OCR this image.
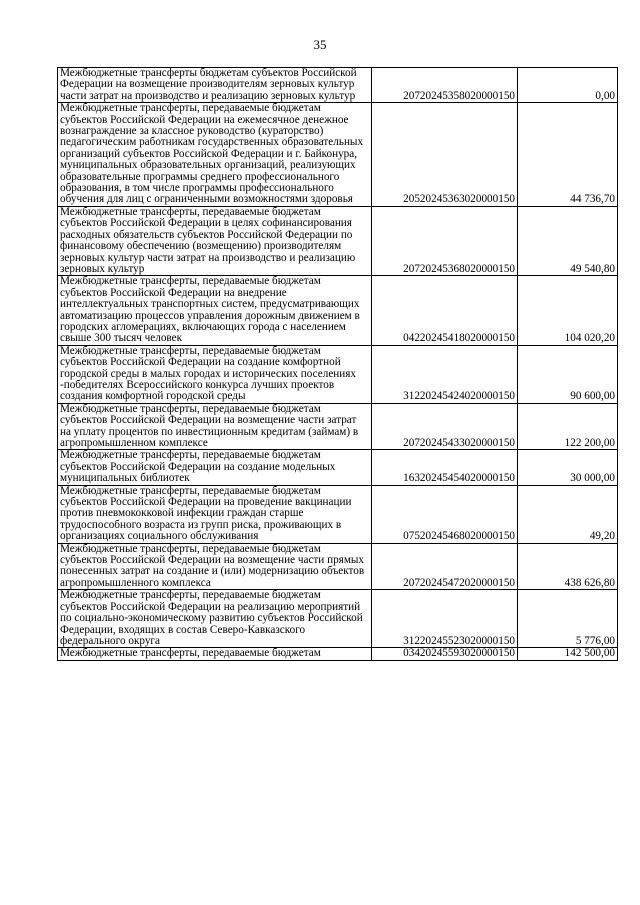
35
Межбюджетные трансферты бюджетам субъектов Российской Федерации на возмещение производителям зерновых культур части затрат на производство и реализацию зерновых культур	20720245358020000150	0,00
Межбюджетные трансферты, передаваемые бюджетам субъектов Российской Федерации на ежемесячное денежное вознаграждение за классное руководство (кураторство) педагогическим работникам государственных образовательных организаций субъектов Российской Федерации и г. Байконура, муниципальных образовательных организаций, реализующих образовательные программы среднего профессионального образования, в том числе программы профессионального обучения для лиц с ограниченными возможностями здоровья	20520245363020000150	44 736,70
Межбюджетные трансферты, передаваемые бюджетам субъектов Российской Федерации в целях софинансирования расходных обязательств субъектов Российской Федерации по финансовому обеспечению (возмещению) производителям зерновых культур части затрат на производство и реализацию зерновых культур	20720245368020000150	49 540,80
Межбюджетные трансферты, передаваемые бюджетам субъектов Российской Федерации на внедрение интеллектуальных транспортных систем, предусматривающих автоматизацию процессов управления дорожным движением в городских агломерациях, включающих города с населением свыше 300 тысяч человек	04220245418020000150	104 020,20
Межбюджетные трансферты, передаваемые бюджетам субъектов Российской Федерации на создание комфортной городской среды в малых городах и исторических поселениях -победителях Всероссийского конкурса лучших проектов создания комфортной городской среды	31220245424020000150	90 600,00
Межбюджетные трансферты, передаваемые бюджетам субъектов Российской Федерации на возмещение части затрат на уплату процентов по инвестиционным кредитам (займам) в агропромышленном комплексе	20720245433020000150	122 200,00
Межбюджетные трансферты, передаваемые бюджетам субъектов Российской Федерации на создание модельных муниципальных библиотек	16320245454020000150	30 000,00
Межбюджетные трансферты, передаваемые бюджетам субъектов Российской Федерации на проведение вакцинации против пневмококковой инфекции граждан старше трудоспособного возраста из групп риска, проживающих в организациях социального обслуживания	07520245468020000150	49,20
Межбюджетные трансферты, передаваемые бюджетам субъектов Российской Федерации на возмещение части прямых понесенных затрат на создание и (или) модернизацию объектов агропромышленного комплекса	20720245472020000150	438 626,80
Межбюджетные трансферты, передаваемые бюджетам субъектов Российской Федерации на реализацию мероприятий по социально-экономическому развитию субъектов Российской Федерации, входящих в состав Северо-Кавказского федерального округа	31220245523020000150	5 776,00
Межбюджетные трансферты, передаваемые бюджетам	03420245593020000150	142 500,00
